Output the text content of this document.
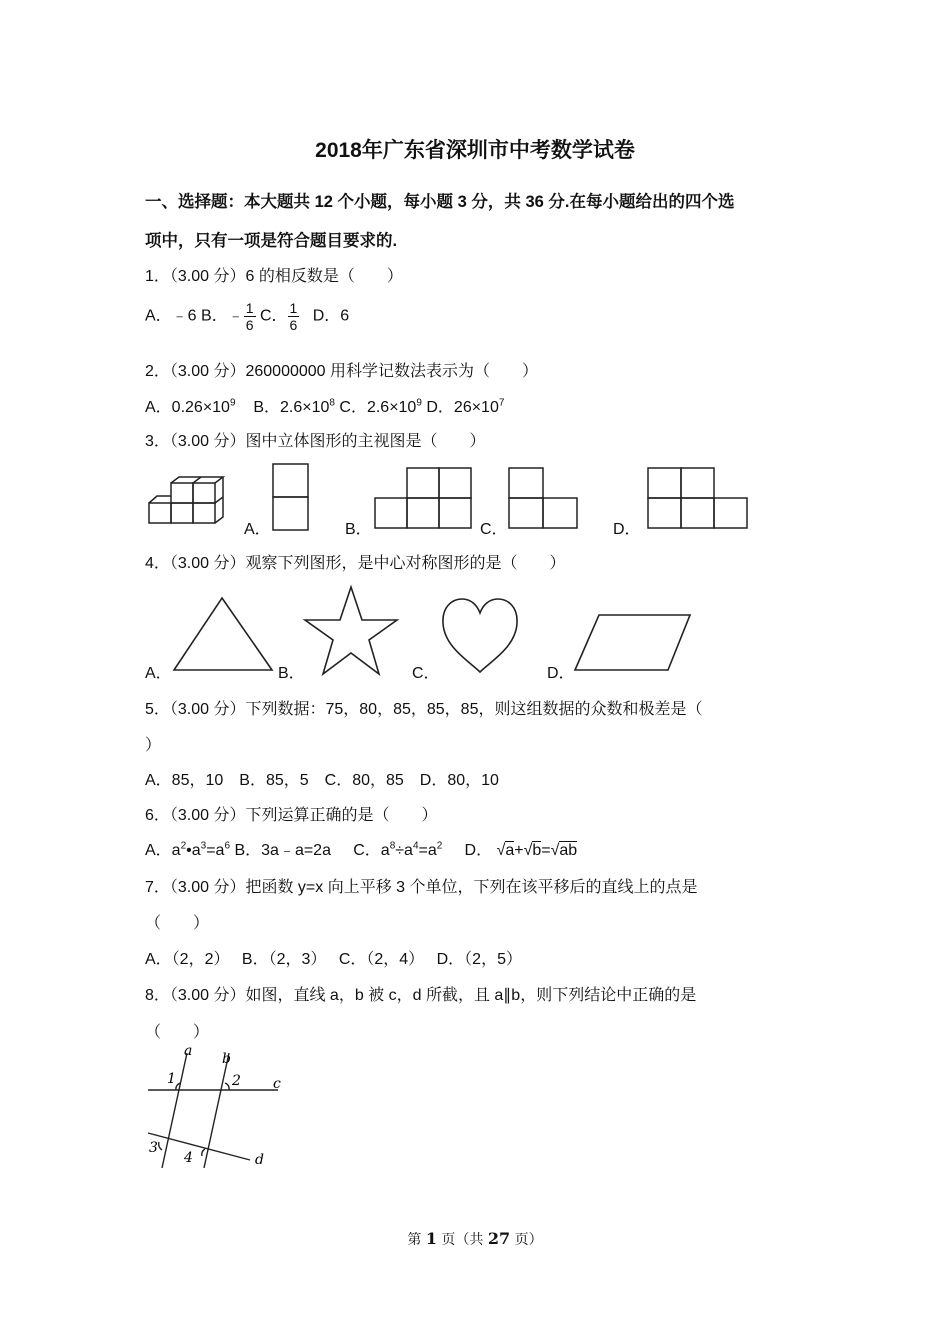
2018年广东省深圳市中考数学试卷
一、选择题：本大题共 12 个小题，每小题 3 分，共 36 分.在每小题给出的四个选
项中，只有一项是符合题目要求的.
1．（3.00 分）6 的相反数是（　　）
A．﹣6 B．﹣ $\frac{1}{6}$ C． $\frac{1}{6}$ D．6
2．（3.00 分）260000000 用科学记数法表示为（　　）
A．$0.26\times 10^9$ B．$2.6\times 10^8$ C．$2.6\times 10^9$ D．$26\times 10^7$
3．（3.00 分）图中立体图形的主视图是（　　）
A．	B．	C．	D．
4．（3.00 分）观察下列图形，是中心对称图形的是（　　）
A．	B．	C．	D．
5．（3.00 分）下列数据：75，80，85，85，85，则这组数据的众数和极差是（
）
A．85，10　B．85，5　C．80，85　D．80，10
6．（3.00 分）下列运算正确的是（　　）
A．$a^2•a^3=a^6$ B．3a﹣a=2a C．$a^8\div a^4=a^2$ D． √a+√b=√ab
7．（3.00 分）把函数 y=x 向上平移 3 个单位，下列在该平移后的直线上的点是
（　　）
A．（2，2）　 B．（2，3）　 C．（2，4）　 D．（2，5）
8．（3.00 分）如图，直线 a，b 被 c，d 所截，且 a∥b，则下列结论中正确的是
（　　）
a b
c
d
1	2
3
4
第 1 页（共 27 页）
